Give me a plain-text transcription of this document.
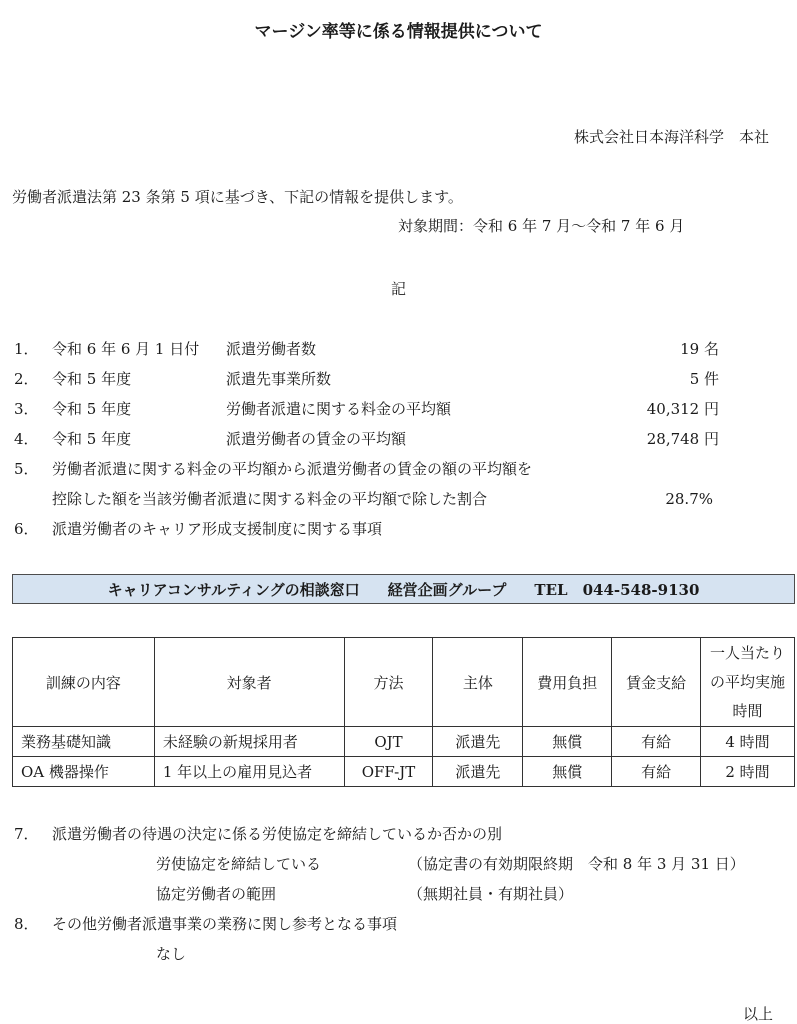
マージン率等に係る情報提供について
株式会社日本海洋科学　本社
労働者派遣法第 23 条第 5 項に基づき、下記の情報を提供します。
対象期間：令和 6 年 7 月～令和 7 年 6 月
記
1． 令和 6 年 6 月 1 日付 派遣労働者数	19 名
2． 令和 5 年度	派遣先事業所数	5 件
3． 令和 5 年度	労働者派遣に関する料金の平均額	40,312 円
4． 令和 5 年度	派遣労働者の賃金の平均額	28,748 円
5． 労働者派遣に関する料金の平均額から派遣労働者の賃金の額の平均額を
控除した額を当該労働者派遣に関する料金の平均額で除した割合	28.7%
6． 派遣労働者のキャリア形成支援制度に関する事項
キャリアコンサルティングの相談窓口 経営企画グループ TEL　044-548-9130
訓練の内容	対象者	方法	主体	費用負担	賃金支給	一人当たりの平均実施時間
業務基礎知識	未経験の新規採用者	OJT	派遣先	無償	有給	4 時間
OA 機器操作	1 年以上の雇用見込者	OFF-JT	派遣先	無償	有給	2 時間
7． 派遣労働者の待遇の決定に係る労使協定を締結しているか否かの別
労使協定を締結している	（協定書の有効期限終期　令和 8 年 3 月 31 日）
協定労働者の範囲	（無期社員・有期社員）
8． その他労働者派遣事業の業務に関し参考となる事項
なし
以上
